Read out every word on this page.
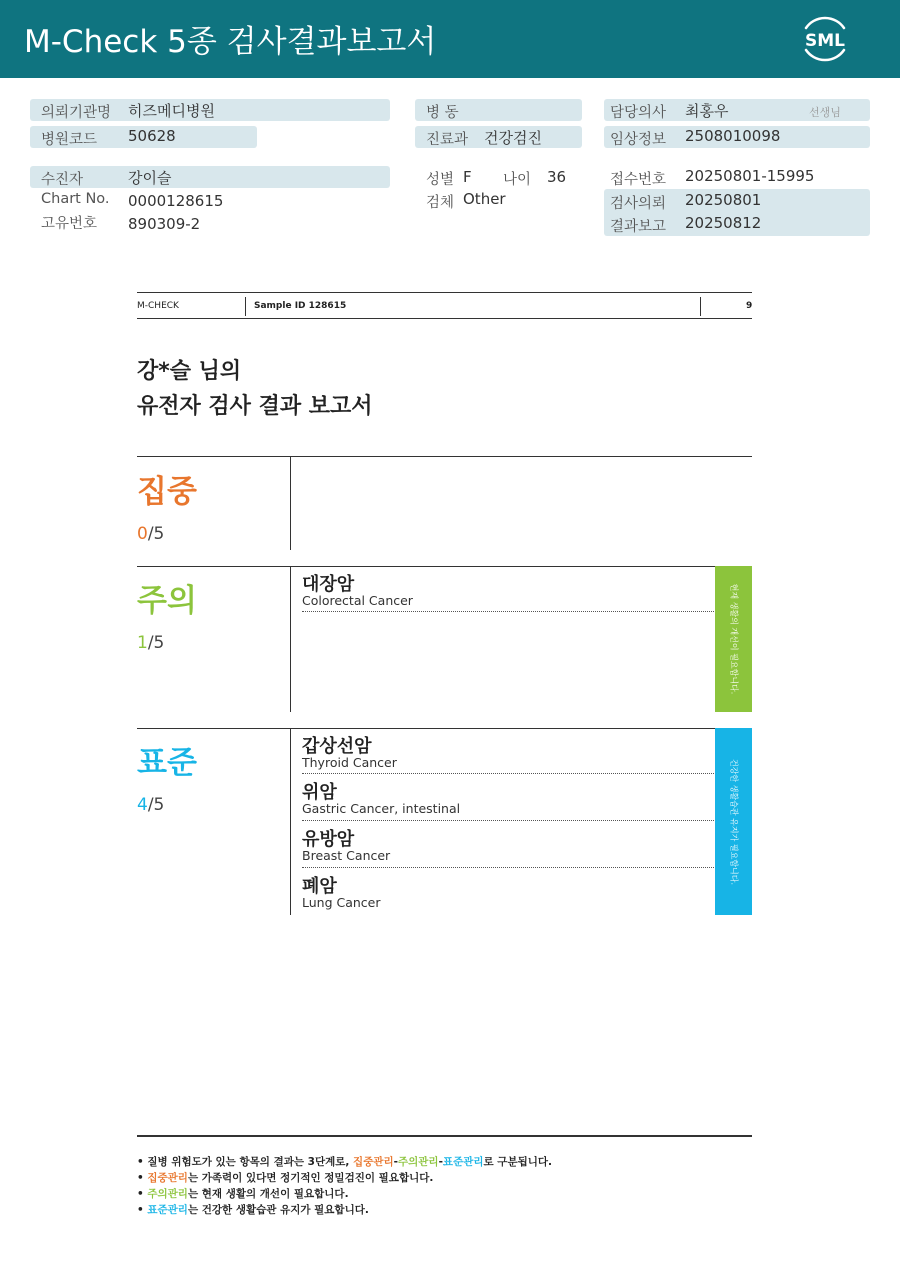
M-Check 5종 검사결과보고서	SML
의뢰기관명 히즈메디병원
병원코드 50628
수진자	강이슬
Chart No. 0000128615
고유번호 890309-2
병 동
진료과 건강검진
성별 F 나이 36
검체 Other
담당의사 최홍우	선생님
임상정보 2508010098
접수번호 20250801-15995
검사의뢰 20250801
결과보고 20250812
M-CHECK	Sample ID 128615	9
강*슬 님의
유전자 검사 결과 보고서
집중
0/5
주의
1/5
대장암
Colorectal Cancer	현재 생활의 개선이 필요합니다.
표준
4/5
갑상선암
Thyroid Cancer
위암
Gastric Cancer, intestinal
유방암
Breast Cancer
폐암
Lung Cancer
건강한 생활습관 유지가 필요합니다.
• 질병 위험도가 있는 항목의 결과는 3단계로, 집중관리-주의관리-표준관리로 구분됩니다.
• 집중관리는 가족력이 있다면 정기적인 정밀검진이 필요합니다.
• 주의관리는 현재 생활의 개선이 필요합니다.
• 표준관리는 건강한 생활습관 유지가 필요합니다.
